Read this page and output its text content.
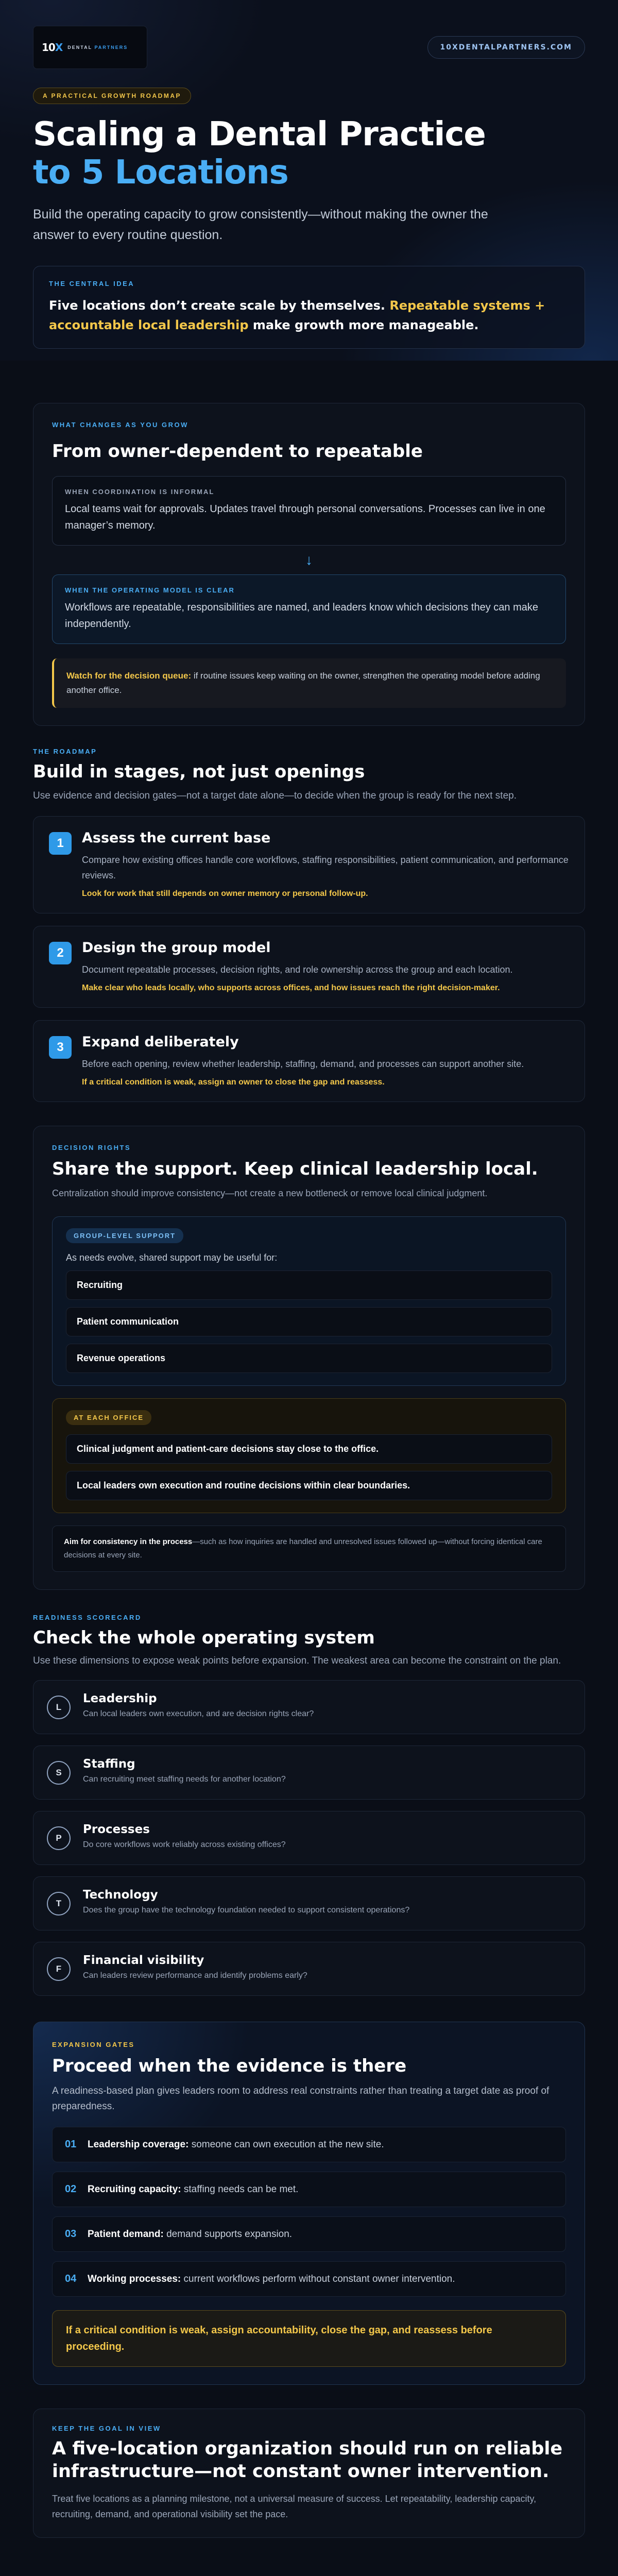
10X DENTAL PARTNERS	10XDENTALPARTNERS.COM
A PRACTICAL GROWTH ROADMAP
Scaling a Dental Practice
to 5 Locations

Build the operating capacity to grow consistently—without making the owner the answer to every routine question.

THE CENTRAL IDEA
Five locations don’t create scale by themselves. Repeatable systems + accountable local leadership make growth more manageable.
WHAT CHANGES AS YOU GROW
From owner-dependent to repeatable
WHEN COORDINATION IS INFORMAL
Local teams wait for approvals. Updates travel through personal conversations. Processes can live in one manager’s memory.
↓
WHEN THE OPERATING MODEL IS CLEAR
Workflows are repeatable, responsibilities are named, and leaders know which decisions they can make independently.
Watch for the decision queue: if routine issues keep waiting on the owner, strengthen the operating model before adding another office.
THE ROADMAP
Build in stages, not just openings

Use evidence and decision gates—not a target date alone—to decide when the group is ready for the next step.

1	Assess the current base

Compare how existing offices handle core workflows, staffing responsibilities, patient communication, and performance reviews.

Look for work that still depends on owner memory or personal follow-up.

2	Design the group model

Document repeatable processes, decision rights, and role ownership across the group and each location.

Make clear who leads locally, who supports across offices, and how issues reach the right decision-maker.

3	Expand deliberately

Before each opening, review whether leadership, staffing, demand, and processes can support another site.

If a critical condition is weak, assign an owner to close the gap and reassess.

DECISION RIGHTS
Share the support. Keep clinical leadership local.

Centralization should improve consistency—not create a new bottleneck or remove local clinical judgment.

GROUP-LEVEL SUPPORT

As needs evolve, shared support may be useful for:

Recruiting
Patient communication
Revenue operations
AT EACH OFFICE
Clinical judgment and patient-care decisions stay close to the office.
Local leaders own execution and routine decisions within clear boundaries.
Aim for consistency in the process—such as how inquiries are handled and unresolved issues followed up—without forcing identical care decisions at every site.
READINESS SCORECARD
Check the whole operating system

Use these dimensions to expose weak points before expansion. The weakest area can become the constraint on the plan.

L
Leadership

Can local leaders own execution, and are decision rights clear?

S
Staffing

Can recruiting meet staffing needs for another location?

P
Processes

Do core workflows work reliably across existing offices?

T
Technology

Does the group have the technology foundation needed to support consistent operations?

F
Financial visibility

Can leaders review performance and identify problems early?

EXPANSION GATES
Proceed when the evidence is there

A readiness-based plan gives leaders room to address real constraints rather than treating a target date as proof of preparedness.

01	Leadership coverage: someone can own execution at the new site.
02	Recruiting capacity: staffing needs can be met.
03	Patient demand: demand supports expansion.
04	Working processes: current workflows perform without constant owner intervention.
If a critical condition is weak, assign accountability, close the gap, and reassess before proceeding.
KEEP THE GOAL IN VIEW
A five-location organization should run on reliable infrastructure—not constant owner intervention.

Treat five locations as a planning milestone, not a universal measure of success. Let repeatability, leadership capacity, recruiting, demand, and operational visibility set the pace.
